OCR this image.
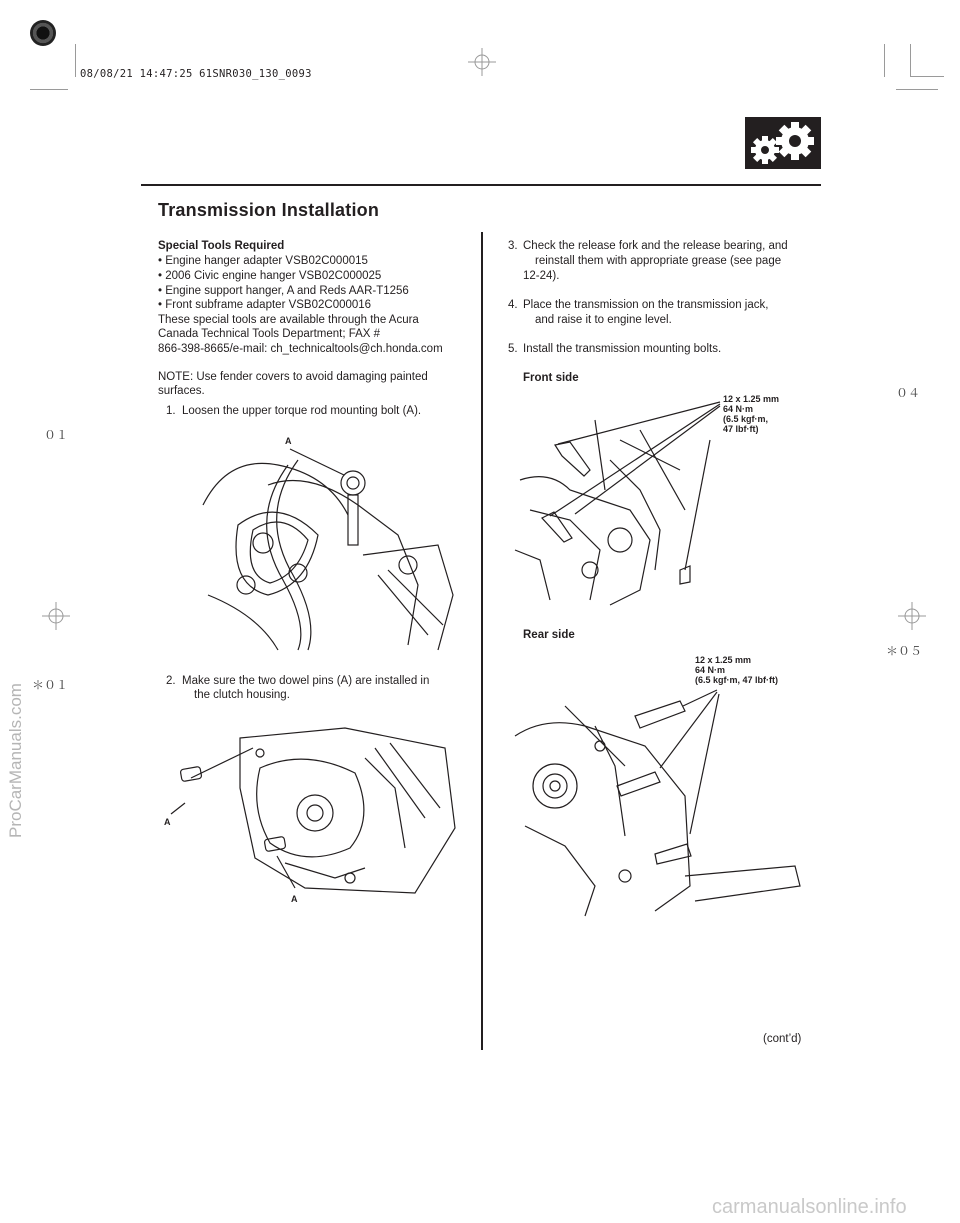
08/08/21 14:47:25 61SNR030_130_0093
０１
＊０１
０４
＊０５
ProCarManuals.com
Transmission Installation
Special Tools Required
• Engine hanger adapter VSB02C000015
• 2006 Civic engine hanger VSB02C000025
• Engine support hanger, A and Reds AAR-T1256
• Front subframe adapter VSB02C000016
These special tools are available through the Acura
Canada Technical Tools Department; FAX #
866-398-8665/e-mail: ch_technicaltools@ch.honda.com
NOTE: Use fender covers to avoid damaging painted
surfaces.
1. Loosen the upper torque rod mounting bolt (A).
A
2. Make sure the two dowel pins (A) are installed in
the clutch housing.
A
A
3. Check the release fork and the release bearing, and
reinstall them with appropriate grease (see page
12-24).
4. Place the transmission on the transmission jack,
and raise it to engine level.
5. Install the transmission mounting bolts.
Front side
12 x 1.25 mm
64 N·m
(6.5 kgf·m,
47 lbf·ft)
Rear side
12 x 1.25 mm
64 N·m
(6.5 kgf·m, 47 lbf·ft)
(cont’d)
carmanualsonline.info
